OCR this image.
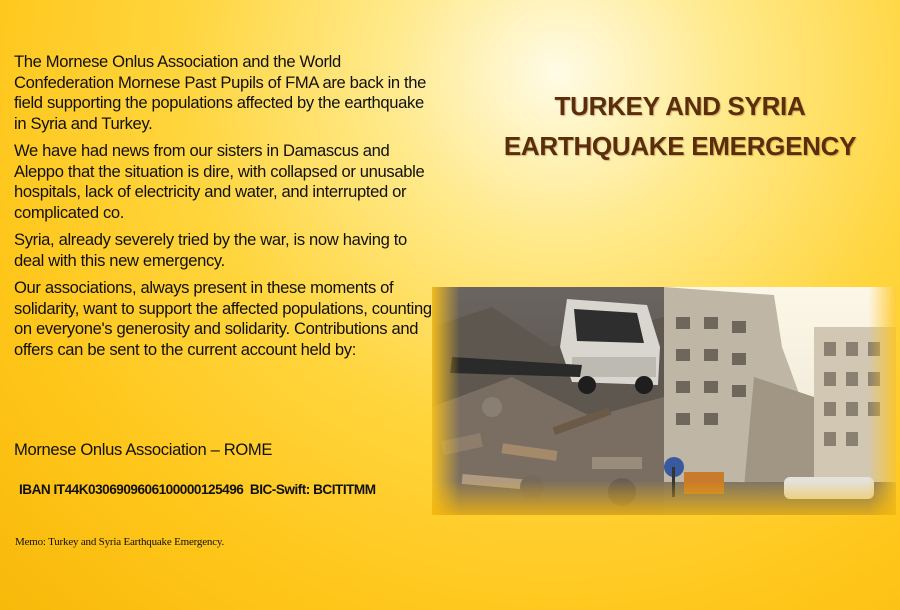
The Mornese Onlus Association and the World Confederation Mornese Past Pupils of FMA are back in the field supporting the populations affected by the earthquake in Syria and Turkey.

We have had news from our sisters in Damascus and Aleppo that the situation is dire, with collapsed or unusable hospitals, lack of electricity and water, and interrupted or complicated co.

Syria, already severely tried by the war, is now having to deal with this new emergency.

Our associations, always present in these moments of solidarity, want to support the affected populations, counting on everyone's generosity and solidarity. Contributions and offers can be sent to the current account held by:

Mornese Onlus Association – ROME
IBAN IT44K0306909606100000125496  BIC-Swift: BCITITMM
Memo: Turkey and Syria Earthquake Emergency.
TURKEY AND SYRIA
EARTHQUAKE EMERGENCY
